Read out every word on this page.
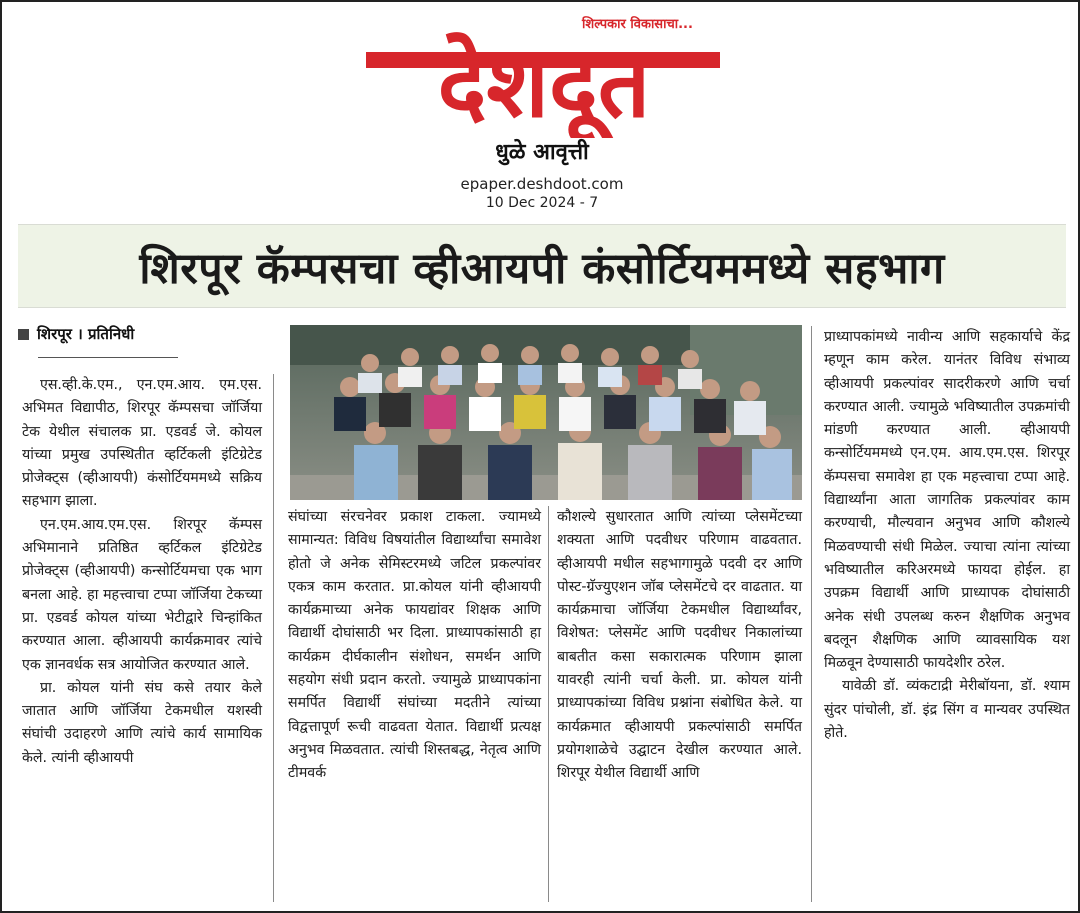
देशदूत
शिल्पकार विकासाचा...
धुळे आवृत्ती
epaper.deshdoot.com
10 Dec 2024 - 7
शिरपूर कॅम्पसचा व्हीआयपी कंसोर्टियममध्ये सहभाग
शिरपूर । प्रतिनिधी

एस.व्ही.के.एम., एन.एम.आय. एम.एस. अभिमत विद्यापीठ, शिरपूर कॅम्पसचा जॉर्जिया टेक येथील संचालक प्रा. एडवर्ड जे. कोयल यांच्या प्रमुख उपस्थितीत व्हर्टिकली इंटिग्रेटेड प्रोजेक्ट्स (व्हीआयपी) कंसोर्टियममध्ये सक्रिय सहभाग झाला.

एन.एम.आय.एम.एस. शिरपूर कॅम्पस अभिमानाने प्रतिष्ठित व्हर्टिकल इंटिग्रेटेड प्रोजेक्ट्स (व्हीआयपी) कन्सोर्टियमचा एक भाग बनला आहे. हा महत्त्वाचा टप्पा जॉर्जिया टेकच्या प्रा. एडवर्ड कोयल यांच्या भेटीद्वारे चिन्हांकित करण्यात आला. व्हीआयपी कार्यक्रमावर त्यांचे एक ज्ञानवर्धक सत्र आयोजित करण्यात आले.

प्रा. कोयल यांनी संघ कसे तयार केले जातात आणि जॉर्जिया टेकमधील यशस्वी संघांची उदाहरणे आणि त्यांचे कार्य सामायिक केले. त्यांनी व्हीआयपी

संघांच्या संरचनेवर प्रकाश टाकला. ज्यामध्ये सामान्यत: विविध विषयांतील विद्यार्थ्यांचा समावेश होतो जे अनेक सेमिस्टरमध्ये जटिल प्रकल्पांवर एकत्र काम करतात. प्रा.कोयल यांनी व्हीआयपी कार्यक्रमाच्या अनेक फायद्यांवर शिक्षक आणि विद्यार्थी दोघांसाठी भर दिला. प्राध्यापकांसाठी हा कार्यक्रम दीर्घकालीन संशोधन, समर्थन आणि सहयोग संधी प्रदान करतो. ज्यामुळे प्राध्यापकांना समर्पित विद्यार्थी संघांच्या मदतीने त्यांच्या विद्वत्तापूर्ण रूची वाढवता येतात. विद्यार्थी प्रत्यक्ष अनुभव मिळवतात. त्यांची शिस्तबद्ध, नेतृत्व आणि टीमवर्क

कौशल्ये सुधारतात आणि त्यांच्या प्लेसमेंटच्या शक्यता आणि पदवीधर परिणाम वाढवतात. व्हीआयपी मधील सहभागामुळे पदवी दर आणि पोस्ट-ग्रॅज्युएशन जॉब प्लेसमेंटचे दर वाढतात. या कार्यक्रमाचा जॉर्जिया टेकमधील विद्यार्थ्यांवर, विशेषत: प्लेसमेंट आणि पदवीधर निकालांच्या बाबतीत कसा सकारात्मक परिणाम झाला यावरही त्यांनी चर्चा केली. प्रा. कोयल यांनी प्राध्यापकांच्या विविध प्रश्नांना संबोधित केले. या कार्यक्रमात व्हीआयपी प्रकल्पांसाठी समर्पित प्रयोगशाळेचे उद्घाटन देखील करण्यात आले. शिरपूर येथील विद्यार्थी आणि

प्राध्यापकांमध्ये नावीन्य आणि सहकार्याचे केंद्र म्हणून काम करेल. यानंतर विविध संभाव्य व्हीआयपी प्रकल्पांवर सादरीकरणे आणि चर्चा करण्यात आली. ज्यामुळे भविष्यातील उपक्रमांची मांडणी करण्यात आली. व्हीआयपी कन्सोर्टियममध्ये एन.एम. आय.एम.एस. शिरपूर कॅम्पसचा समावेश हा एक महत्त्वाचा टप्पा आहे. विद्यार्थ्यांना आता जागतिक प्रकल्पांवर काम करण्याची, मौल्यवान अनुभव आणि कौशल्ये मिळवण्याची संधी मिळेल. ज्याचा त्यांना त्यांच्या भविष्यातील करिअरमध्ये फायदा होईल. हा उपक्रम विद्यार्थी आणि प्राध्यापक दोघांसाठी अनेक संधी उपलब्ध करुन शैक्षणिक अनुभव बदलून शैक्षणिक आणि व्यावसायिक यश मिळवून देण्यासाठी फायदेशीर ठरेल.

यावेळी डॉ. व्यंकटाद्री मेरीबॉयना, डॉ. श्याम सुंदर पांचोली, डॉ. इंद्र सिंग व मान्यवर उपस्थित होते.
